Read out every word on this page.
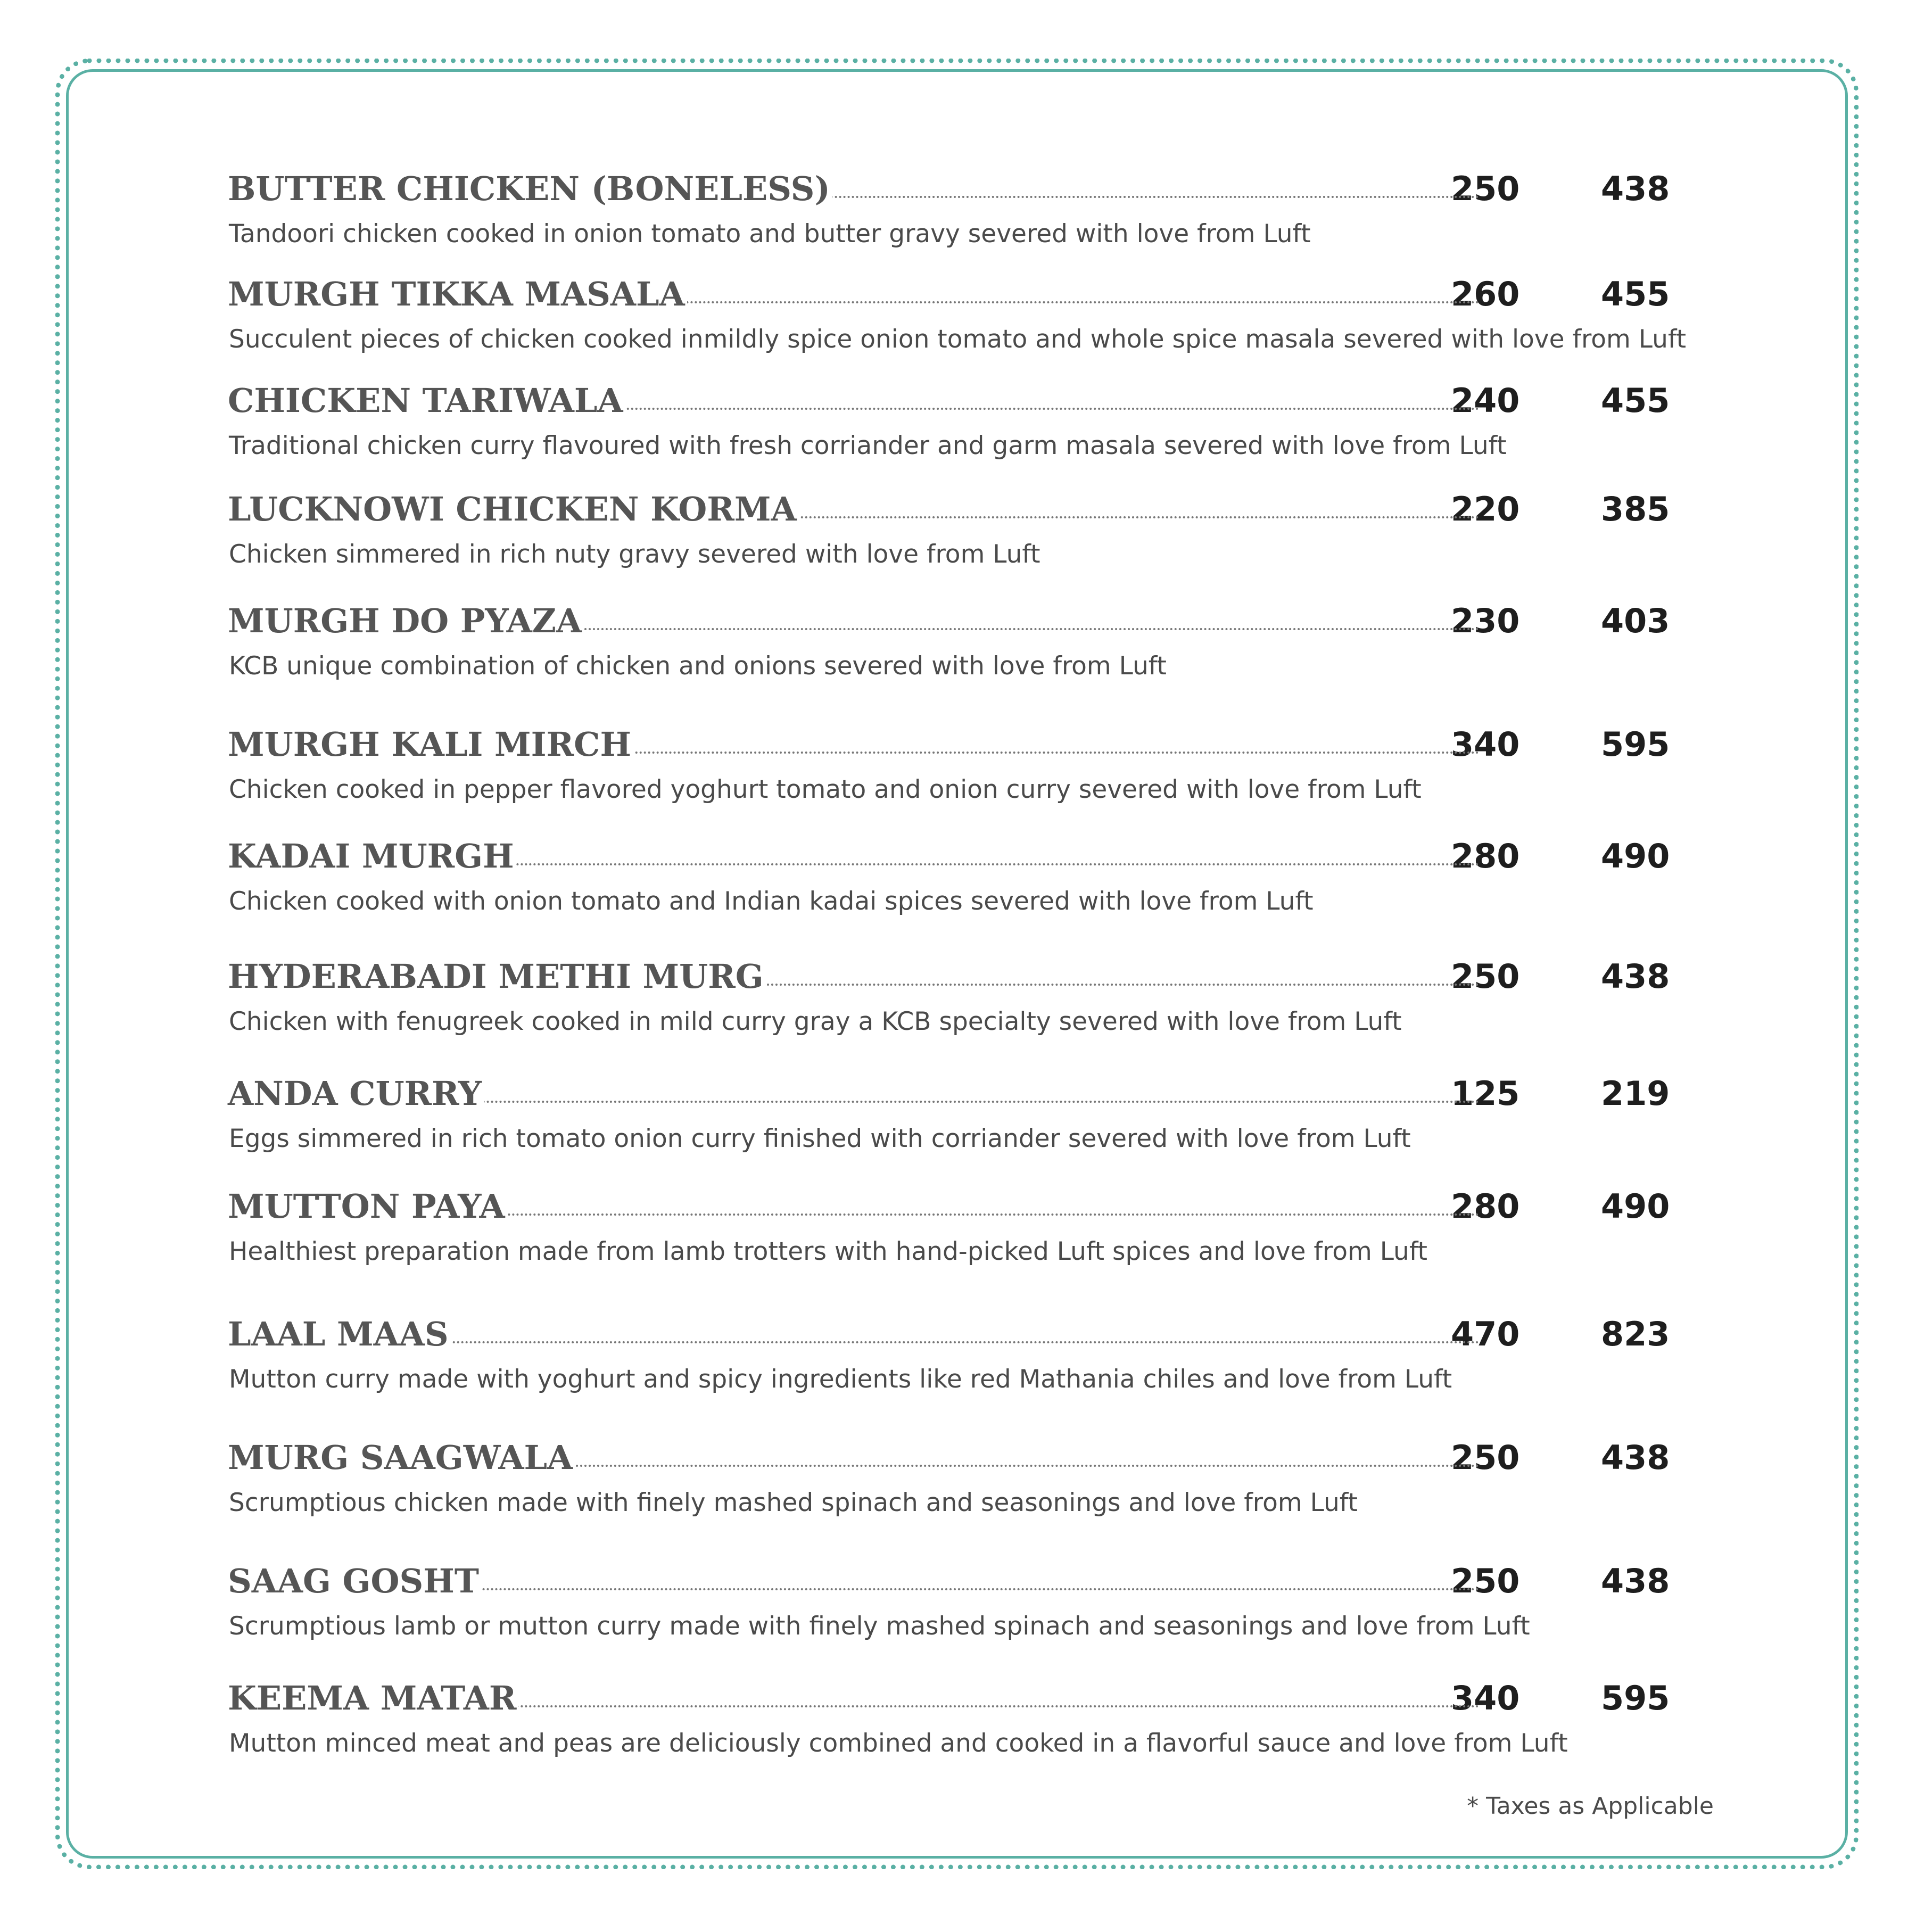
BUTTER CHICKEN (BONELESS)	250	438
Tandoori chicken cooked in onion tomato and butter gravy severed with love from Luft
MURGH TIKKA MASALA	260	455
Succulent pieces of chicken cooked inmildly spice onion tomato and whole spice masala severed with love from Luft
CHICKEN TARIWALA	240	455
Traditional chicken curry flavoured with fresh corriander and garm masala severed with love from Luft
LUCKNOWI CHICKEN KORMA	220	385
Chicken simmered in rich nuty gravy severed with love from Luft
MURGH DO PYAZA	230	403
KCB unique combination of chicken and onions severed with love from Luft
MURGH KALI MIRCH	340	595
Chicken cooked in pepper flavored yoghurt tomato and onion curry severed with love from Luft
KADAI MURGH	280	490
Chicken cooked with onion tomato and Indian kadai spices severed with love from Luft
HYDERABADI METHI MURG	250	438
Chicken with fenugreek cooked in mild curry gray a KCB specialty severed with love from Luft
ANDA CURRY	125	219
Eggs simmered in rich tomato onion curry finished with corriander severed with love from Luft
MUTTON PAYA	280	490
Healthiest preparation made from lamb trotters with hand-picked Luft spices and love from Luft
LAAL MAAS	470	823
Mutton curry made with yoghurt and spicy ingredients like red Mathania chiles and love from Luft
MURG SAAGWALA	250	438
Scrumptious chicken made with finely mashed spinach and seasonings and love from Luft
SAAG GOSHT	250	438
Scrumptious lamb or mutton curry made with finely mashed spinach and seasonings and love from Luft
KEEMA MATAR	340	595
Mutton minced meat and peas are deliciously combined and cooked in a flavorful sauce and love from Luft
* Taxes as Applicable
